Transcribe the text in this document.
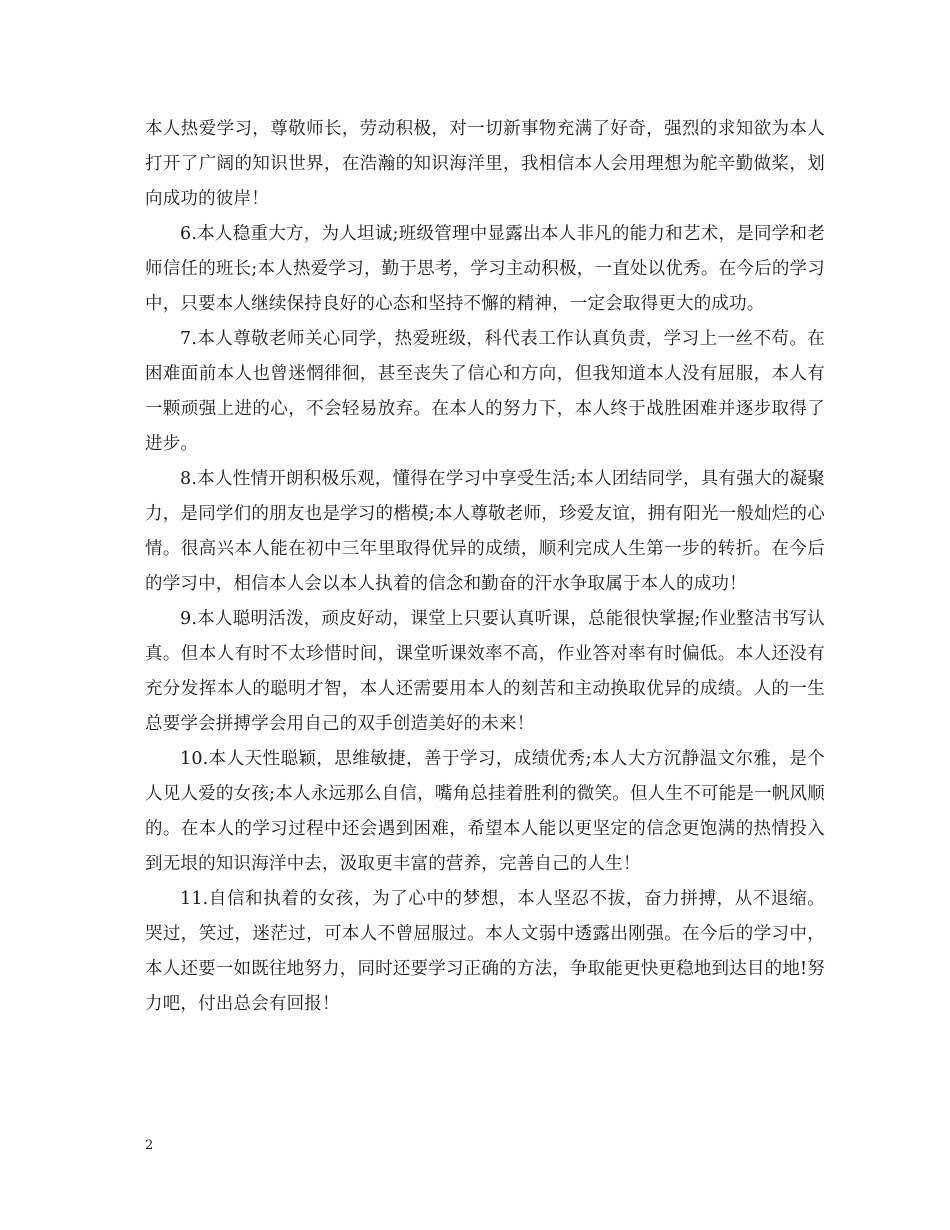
本人热爱学习，尊敬师长，劳动积极，对一切新事物充满了好奇，强烈的求知欲为本人打开了广阔的知识世界，在浩瀚的知识海洋里，我相信本人会用理想为舵辛勤做桨，划向成功的彼岸！

6.本人稳重大方，为人坦诚;班级管理中显露出本人非凡的能力和艺术，是同学和老师信任的班长;本人热爱学习，勤于思考，学习主动积极，一直处以优秀。在今后的学习中，只要本人继续保持良好的心态和坚持不懈的精神，一定会取得更大的成功。

7.本人尊敬老师关心同学，热爱班级，科代表工作认真负责，学习上一丝不苟。在困难面前本人也曾迷惘徘徊，甚至丧失了信心和方向，但我知道本人没有屈服，本人有一颗顽强上进的心，不会轻易放弃。在本人的努力下，本人终于战胜困难并逐步取得了进步。

8.本人性情开朗积极乐观，懂得在学习中享受生活;本人团结同学，具有强大的凝聚力，是同学们的朋友也是学习的楷模;本人尊敬老师，珍爱友谊，拥有阳光一般灿烂的心情。很高兴本人能在初中三年里取得优异的成绩，顺利完成人生第一步的转折。在今后的学习中，相信本人会以本人执着的信念和勤奋的汗水争取属于本人的成功！

9.本人聪明活泼，顽皮好动，课堂上只要认真听课，总能很快掌握;作业整洁书写认真。但本人有时不太珍惜时间，课堂听课效率不高，作业答对率有时偏低。本人还没有充分发挥本人的聪明才智，本人还需要用本人的刻苦和主动换取优异的成绩。人的一生总要学会拼搏学会用自己的双手创造美好的未来！

10.本人天性聪颖，思维敏捷，善于学习，成绩优秀;本人大方沉静温文尔雅，是个人见人爱的女孩;本人永远那么自信，嘴角总挂着胜利的微笑。但人生不可能是一帆风顺的。在本人的学习过程中还会遇到困难，希望本人能以更坚定的信念更饱满的热情投入到无垠的知识海洋中去，汲取更丰富的营养，完善自己的人生！

11.自信和执着的女孩，为了心中的梦想，本人坚忍不拔，奋力拼搏，从不退缩。哭过，笑过，迷茫过，可本人不曾屈服过。本人文弱中透露出刚强。在今后的学习中，本人还要一如既往地努力，同时还要学习正确的方法，争取能更快更稳地到达目的地!努力吧，付出总会有回报！

2
